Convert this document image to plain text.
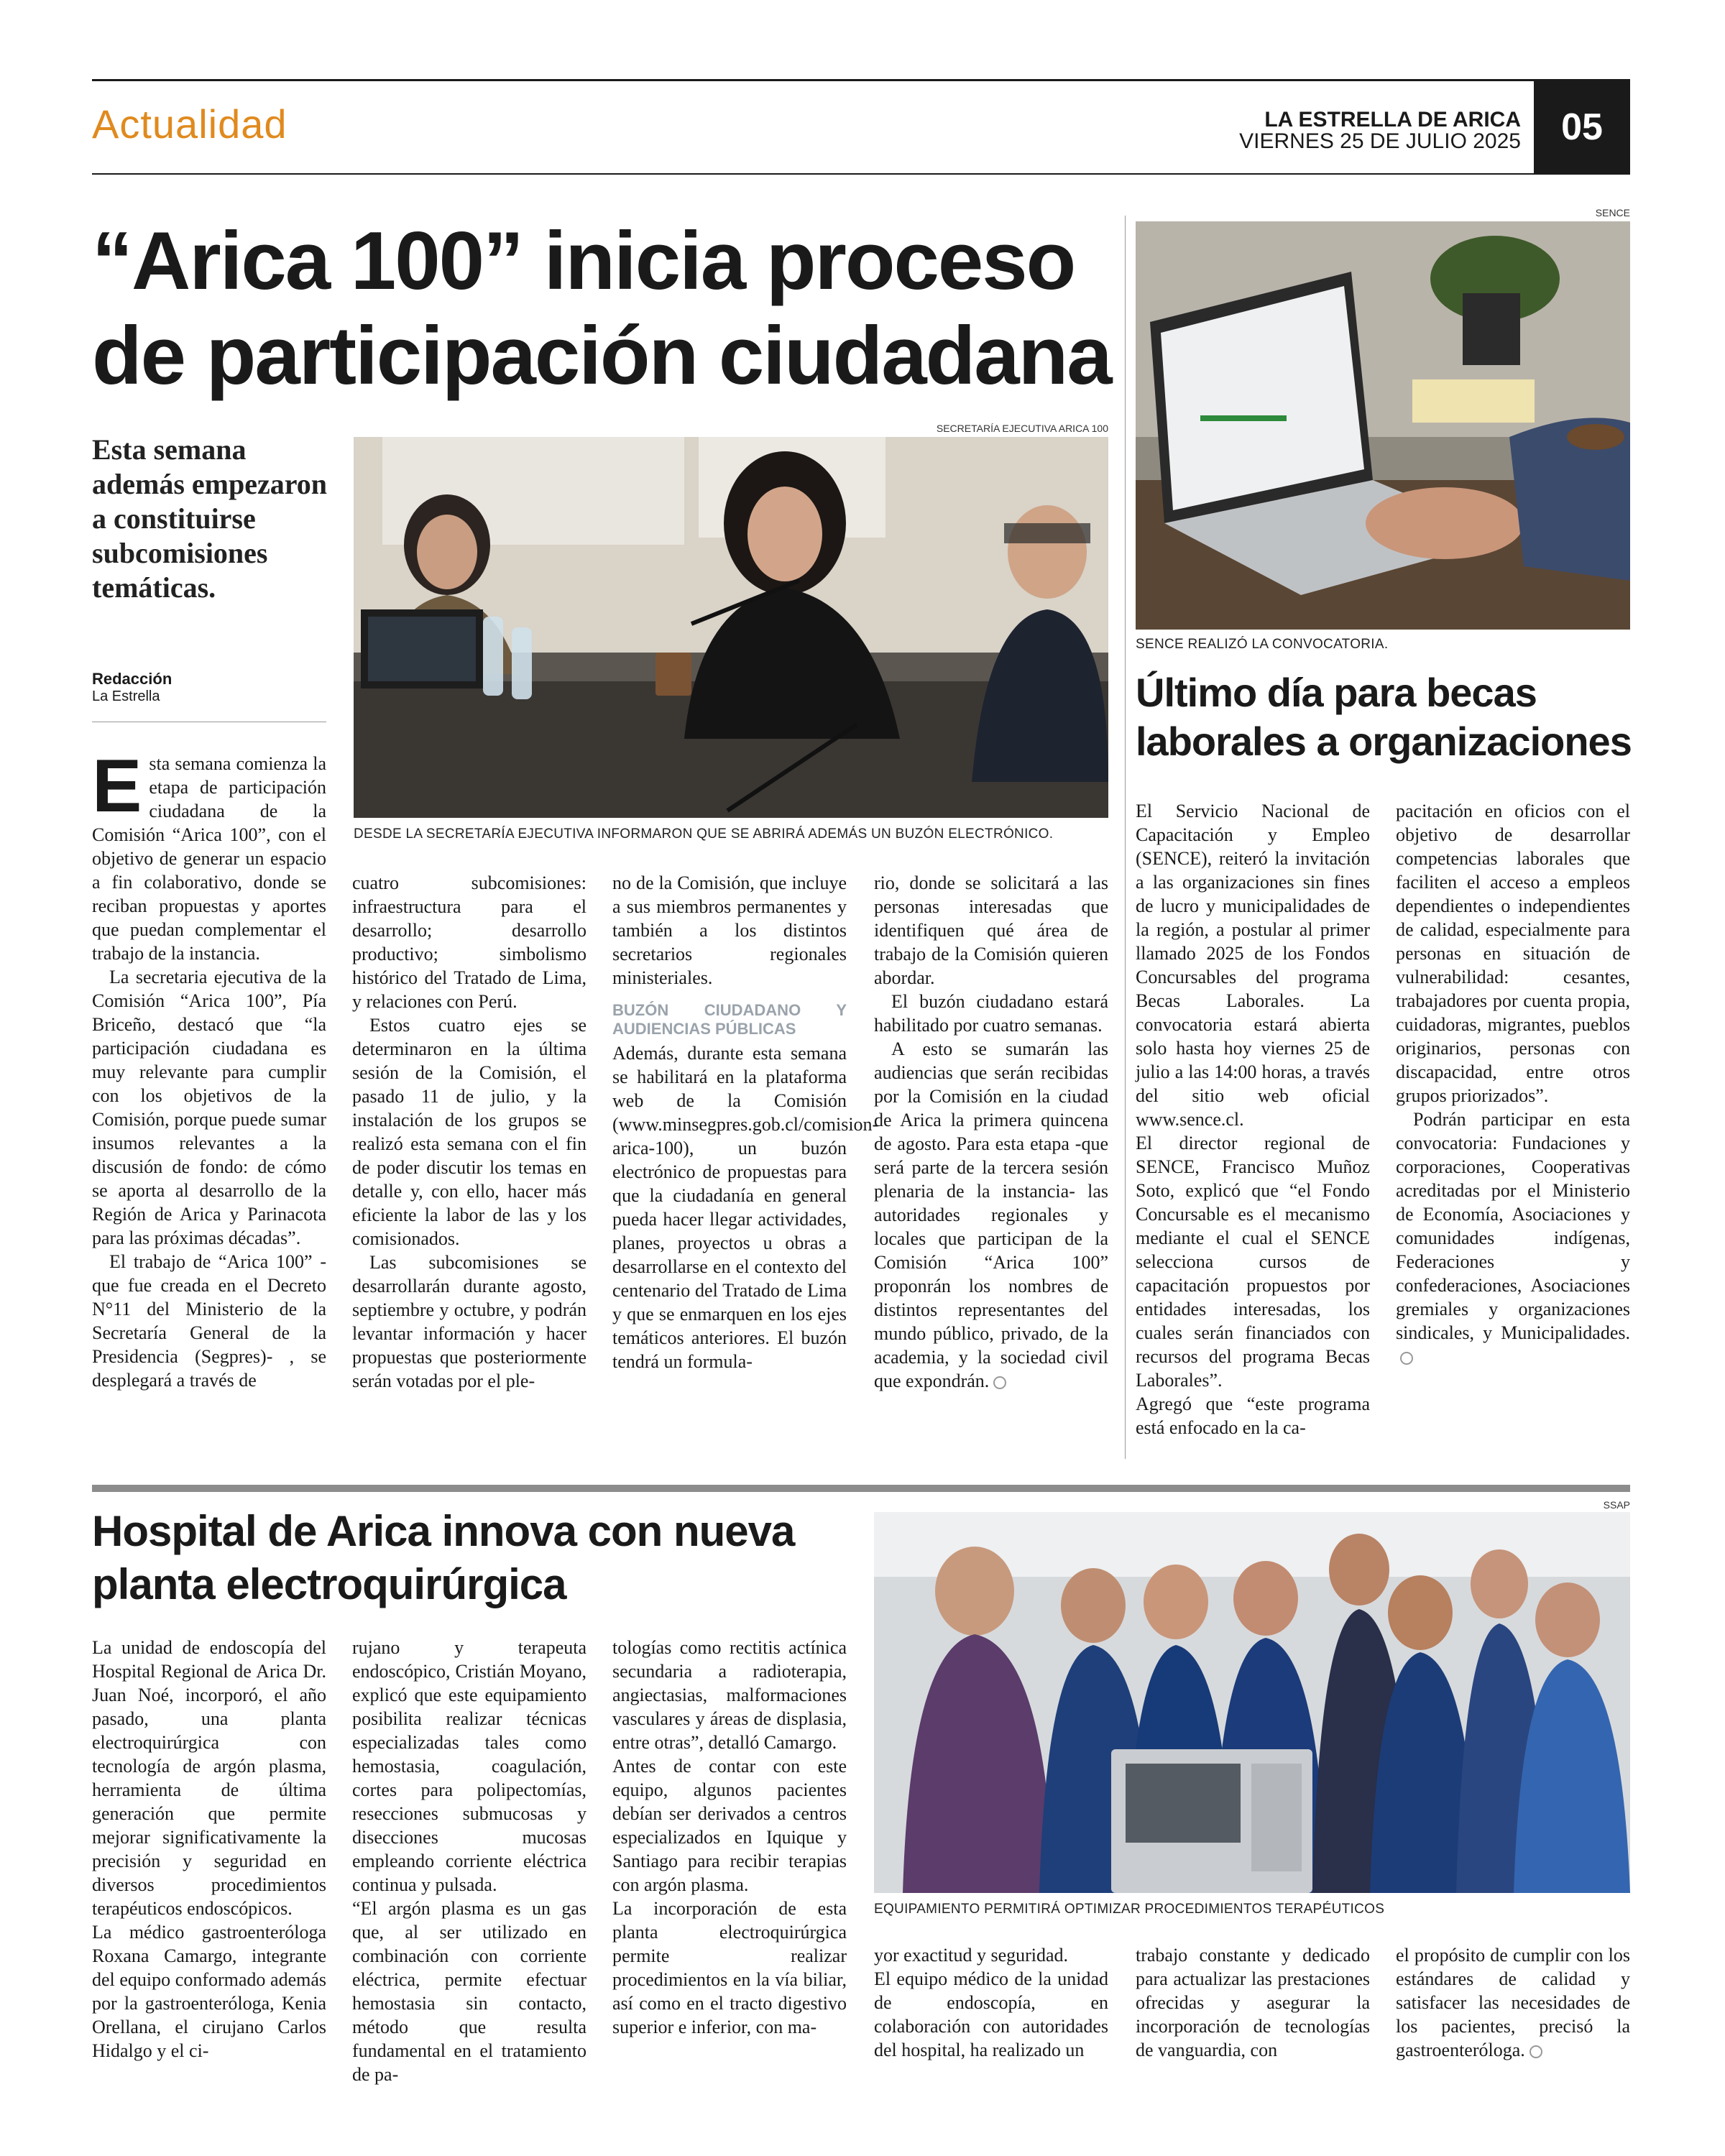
Actualidad	LA ESTRELLA DE ARICA
VIERNES 25 DE JULIO 2025	05
“Arica 100” inicia proceso
de participación ciudadana
Esta semana además empezaron a constituirse subcomisiones temáticas.
Redacción
La Estrella
SECRETARÍA EJECUTIVA ARICA 100
DESDE LA SECRETARÍA EJECUTIVA INFORMARON QUE SE ABRIRÁ ADEMÁS UN BUZÓN ELECTRÓNICO.
E sta semana comienza la etapa de participación ciudadana de la Comisión “Arica 100”, con el objetivo de generar un espacio a fin colaborativo, donde se reciban propuestas y aportes que puedan complementar el trabajo de la instancia.

La secretaria ejecutiva de la Comisión “Arica 100”, Pía Briceño, destacó que “la participación ciudadana es muy relevante para cumplir con los objetivos de la Comisión, porque puede sumar insumos relevantes a la discusión de fondo: de cómo se aporta al desarrollo de la Región de Arica y Parinacota para las próximas décadas”.

El trabajo de “Arica 100” -que fue creada en el Decreto N°11 del Ministerio de la Secretaría General de la Presidencia (Segpres)- , se desplegará a través de

cuatro subcomisiones: infraestructura para el desarrollo; desarrollo productivo; simbolismo histórico del Tratado de Lima, y relaciones con Perú.

Estos cuatro ejes se determinaron en la última sesión de la Comisión, el pasado 11 de julio, y la instalación de los grupos se realizó esta semana con el fin de poder discutir los temas en detalle y, con ello, hacer más eficiente la labor de las y los comisionados.

Las subcomisiones se desarrollarán durante agosto, septiembre y octubre, y podrán levantar información y hacer propuestas que posteriormente serán votadas por el ple-

no de la Comisión, que incluye a sus miembros permanentes y también a los distintos secretarios regionales ministeriales.

BUZÓN CIUDADANO Y AUDIENCIAS PÚBLICAS

Además, durante esta semana se habilitará en la plataforma web de la Comisión (www.minsegpres.gob.cl/comision-arica-100), un buzón electrónico de propuestas para que la ciudadanía en general pueda hacer llegar actividades, planes, proyectos u obras a desarrollarse en el contexto del centenario del Tratado de Lima y que se enmarquen en los ejes temáticos anteriores. El buzón tendrá un formula-

rio, donde se solicitará a las personas interesadas que identifiquen qué área de trabajo de la Comisión quieren abordar.

El buzón ciudadano estará habilitado por cuatro semanas.

A esto se sumarán las audiencias que serán recibidas por la Comisión en la ciudad de Arica la primera quincena de agosto. Para esta etapa -que será parte de la tercera sesión plenaria de la instancia- las autoridades regionales y locales que participan de la Comisión “Arica 100” proponrán los nombres de distintos representantes del mundo público, privado, de la academia, y la sociedad civil que expondrán.

SENCE
SENCE REALIZÓ LA CONVOCATORIA.
Último día para becas
laborales a organizaciones

El Servicio Nacional de Capacitación y Empleo (SENCE), reiteró la invitación a las organizaciones sin fines de lucro y municipalidades de la región, a postular al primer llamado 2025 de los Fondos Concursables del programa Becas Laborales. La convocatoria estará abierta solo hasta hoy viernes 25 de julio a las 14:00 horas, a través del sitio web oficial www.sence.cl.

El director regional de SENCE, Francisco Muñoz Soto, explicó que “el Fondo Concursable es el mecanismo mediante el cual el SENCE selecciona cursos de capacitación propuestos por entidades interesadas, los cuales serán financiados con recursos del programa Becas Laborales”.

Agregó que “este programa está enfocado en la ca-

pacitación en oficios con el objetivo de desarrollar competencias laborales que faciliten el acceso a empleos dependientes o independientes de calidad, especialmente para personas en situación de vulnerabilidad: cesantes, trabajadores por cuenta propia, cuidadoras, migrantes, pueblos originarios, personas con discapacidad, entre otros grupos priorizados”.

Podrán participar en esta convocatoria: Fundaciones y corporaciones, Cooperativas acreditadas por el Ministerio de Economía, Asociaciones y comunidades indígenas, Federaciones y confederaciones, Asociaciones gremiales y organizaciones sindicales, y Municipalidades.

Hospital de Arica innova con nueva
planta electroquirúrgica
SSAP
EQUIPAMIENTO PERMITIRÁ OPTIMIZAR PROCEDIMIENTOS TERAPÉUTICOS

La unidad de endoscopía del Hospital Regional de Arica Dr. Juan Noé, incorporó, el año pasado, una planta electroquirúrgica con tecnología de argón plasma, herramienta de última generación que permite mejorar significativamente la precisión y seguridad en diversos procedimientos terapéuticos endoscópicos.

La médico gastroenteróloga Roxana Camargo, integrante del equipo conformado además por la gastroenteróloga, Kenia Orellana, el cirujano Carlos Hidalgo y el ci-

rujano y terapeuta endoscópico, Cristián Moyano, explicó que este equipamiento posibilita realizar técnicas especializadas tales como hemostasia, coagulación, cortes para polipectomías, resecciones submucosas y disecciones mucosas empleando corriente eléctrica continua y pulsada.

“El argón plasma es un gas que, al ser utilizado en combinación con corriente eléctrica, permite efectuar hemostasia sin contacto, método que resulta fundamental en el tratamiento de pa-

tologías como rectitis actínica secundaria a radioterapia, angiectasias, malformaciones vasculares y áreas de displasia, entre otras”, detalló Camargo.

Antes de contar con este equipo, algunos pacientes debían ser derivados a centros especializados en Iquique y Santiago para recibir terapias con argón plasma.

La incorporación de esta planta electroquirúrgica permite realizar procedimientos en la vía biliar, así como en el tracto digestivo superior e inferior, con ma-

yor exactitud y seguridad.

El equipo médico de la unidad de endoscopía, en colaboración con autoridades del hospital, ha realizado un

trabajo constante y dedicado para actualizar las prestaciones ofrecidas y asegurar la incorporación de tecnologías de vanguardia, con

el propósito de cumplir con los estándares de calidad y satisfacer las necesidades de los pacientes, precisó la gastroenteróloga.
